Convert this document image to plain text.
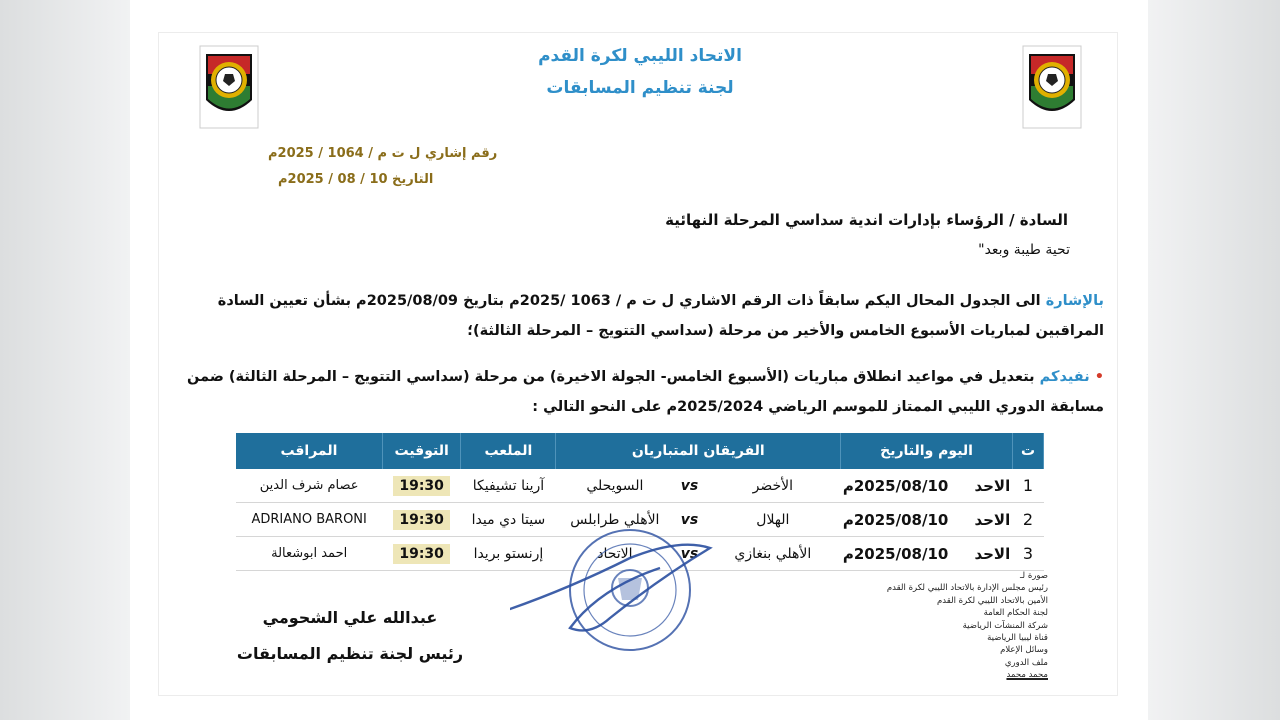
LFF	LFF
الاتحاد الليبي لكرة القدم
لجنة تنظيم المسابقات
رقم إشاري ل ت م / 1064 / 2025م
التاريخ 10 / 08 / 2025م
السادة / الرؤساء بإدارات اندية سداسي المرحلة النهائية
تحية طيبة وبعد"
بالإشارة الى الجدول المحال اليكم سابقاً ذات الرقم الاشاري ل ت م / 1063 /2025م بتاريخ 2025/08/09م بشأن تعيين السادة المراقبين لمباريات الأسبوع الخامس والأخير من مرحلة (سداسي التتويج – المرحلة الثالثة)؛
• نفيدكم بتعديل في مواعيد انطلاق مباريات (الأسبوع الخامس- الجولة الاخيرة) من مرحلة (سداسي التتويج – المرحلة الثالثة) ضمن مسابقة الدوري الليبي الممتاز للموسم الرياضي 2025/2024م على النحو التالي :
ت	اليوم والتاريخ	الفريقان المتباريان			الملعب	التوقيت	المراقب
1	الاحد     2025/08/10م	الأخضر	vs	السويحلي	آرينا تشيفيكا	19:30	عصام شرف الدين
2	الاحد     2025/08/10م	الهلال	vs	الأهلي طرابلس	سيتا دي ميدا	19:30	ADRIANO BARONI
3	الاحد     2025/08/10م	الأهلي بنغازي	vs	الاتحاد	إرنستو بريدا	19:30	احمد ابوشعالة
عبدالله علي الشحومي
رئيس لجنة تنظيم المسابقات
صورة لـ
رئيس مجلس الإدارة بالاتحاد الليبي لكرة القدم
الأمين بالاتحاد الليبي لكرة القدم
لجنة الحكام العامة
شركة المنشآت الرياضية
قناة ليبيا الرياضية
وسائل الإعلام
ملف الدوري
محمد محمد
